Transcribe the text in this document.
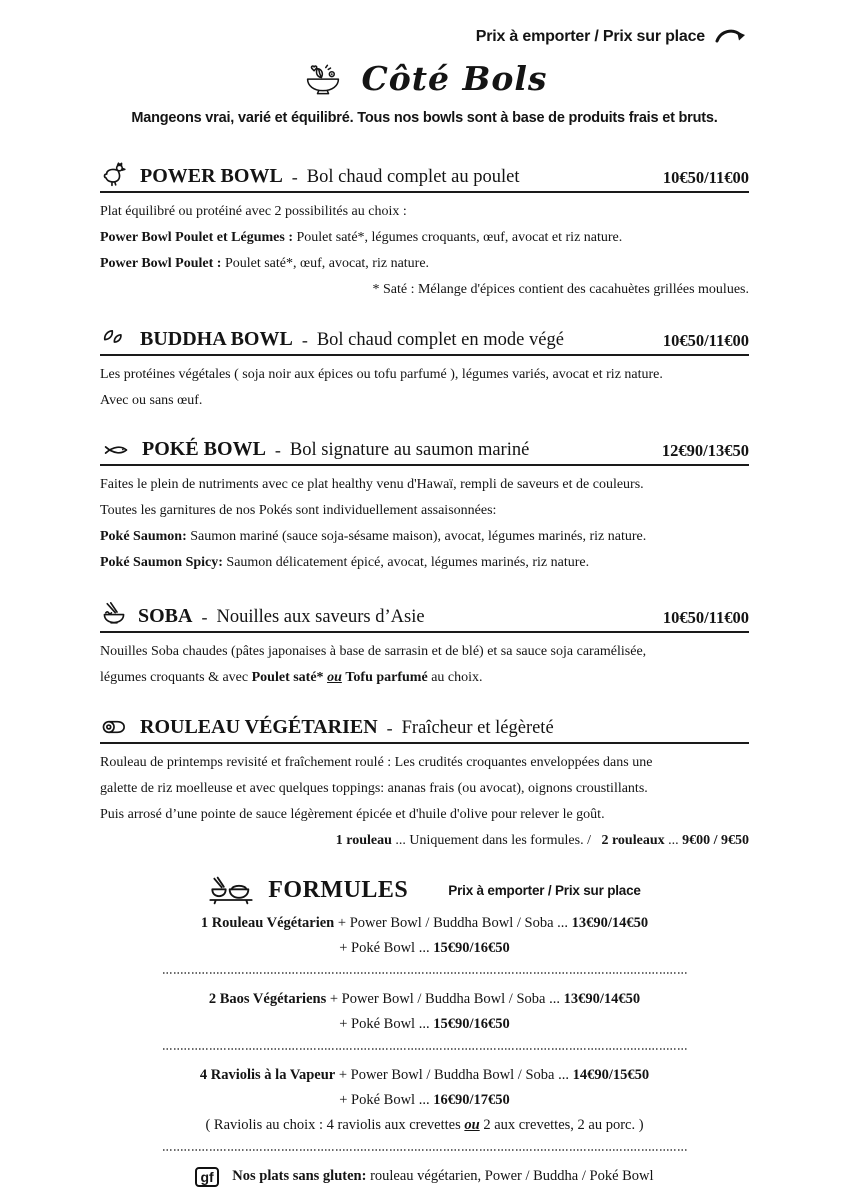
Prix à emporter / Prix sur place
Côté Bols
Mangeons vrai, varié et équilibré. Tous nos bowls sont à base de produits frais et bruts.
POWER BOWL - Bol chaud complet au poulet	10€50/11€00

Plat équilibré ou protéiné avec 2 possibilités au choix :

Power Bowl Poulet et Légumes : Poulet saté*, légumes croquants, œuf, avocat et riz nature.

Power Bowl Poulet : Poulet saté*, œuf, avocat, riz nature.

* Saté : Mélange d'épices contient des cacahuètes grillées moulues.

BUDDHA BOWL - Bol chaud complet en mode végé	10€50/11€00

Les protéines végétales ( soja noir aux épices ou tofu parfumé ), légumes variés, avocat et riz nature.

Avec ou sans œuf.

POKÉ BOWL - Bol signature au saumon mariné	12€90/13€50

Faites le plein de nutriments avec ce plat healthy venu d'Hawaï, rempli de saveurs et de couleurs.

Toutes les garnitures de nos Pokés sont individuellement assaisonnées:

Poké Saumon: Saumon mariné (sauce soja-sésame maison), avocat, légumes marinés, riz nature.

Poké Saumon Spicy: Saumon délicatement épicé, avocat, légumes marinés, riz nature.

SOBA - Nouilles aux saveurs d’Asie	10€50/11€00

Nouilles Soba chaudes (pâtes japonaises à base de sarrasin et de blé) et sa sauce soja caramélisée,

légumes croquants & avec Poulet saté* ou Tofu parfumé au choix.

ROULEAU VÉGÉTARIEN - Fraîcheur et légèreté

Rouleau de printemps revisité et fraîchement roulé : Les crudités croquantes enveloppées dans une

galette de riz moelleuse et avec quelques toppings: ananas frais (ou avocat), oignons croustillants.

Puis arrosé d’une pointe de sauce légèrement épicée et d'huile d'olive pour relever le goût.

1 rouleau ... Uniquement dans les formules. / 2 rouleaux ... 9€00 / 9€50

FORMULES	Prix à emporter / Prix sur place

1 Rouleau Végétarien + Power Bowl / Buddha Bowl / Soba ... 13€90/14€50

+ Poké Bowl ... 15€90/16€50

2 Baos Végétariens + Power Bowl / Buddha Bowl / Soba ... 13€90/14€50

+ Poké Bowl ... 15€90/16€50

4 Raviolis à la Vapeur + Power Bowl / Buddha Bowl / Soba ... 14€90/15€50

+ Poké Bowl ... 16€90/17€50

( Raviolis au choix : 4 raviolis aux crevettes ou 2 aux crevettes, 2 au porc. )

gf Nos plats sans gluten: rouleau végétarien, Power / Buddha / Poké Bowl
